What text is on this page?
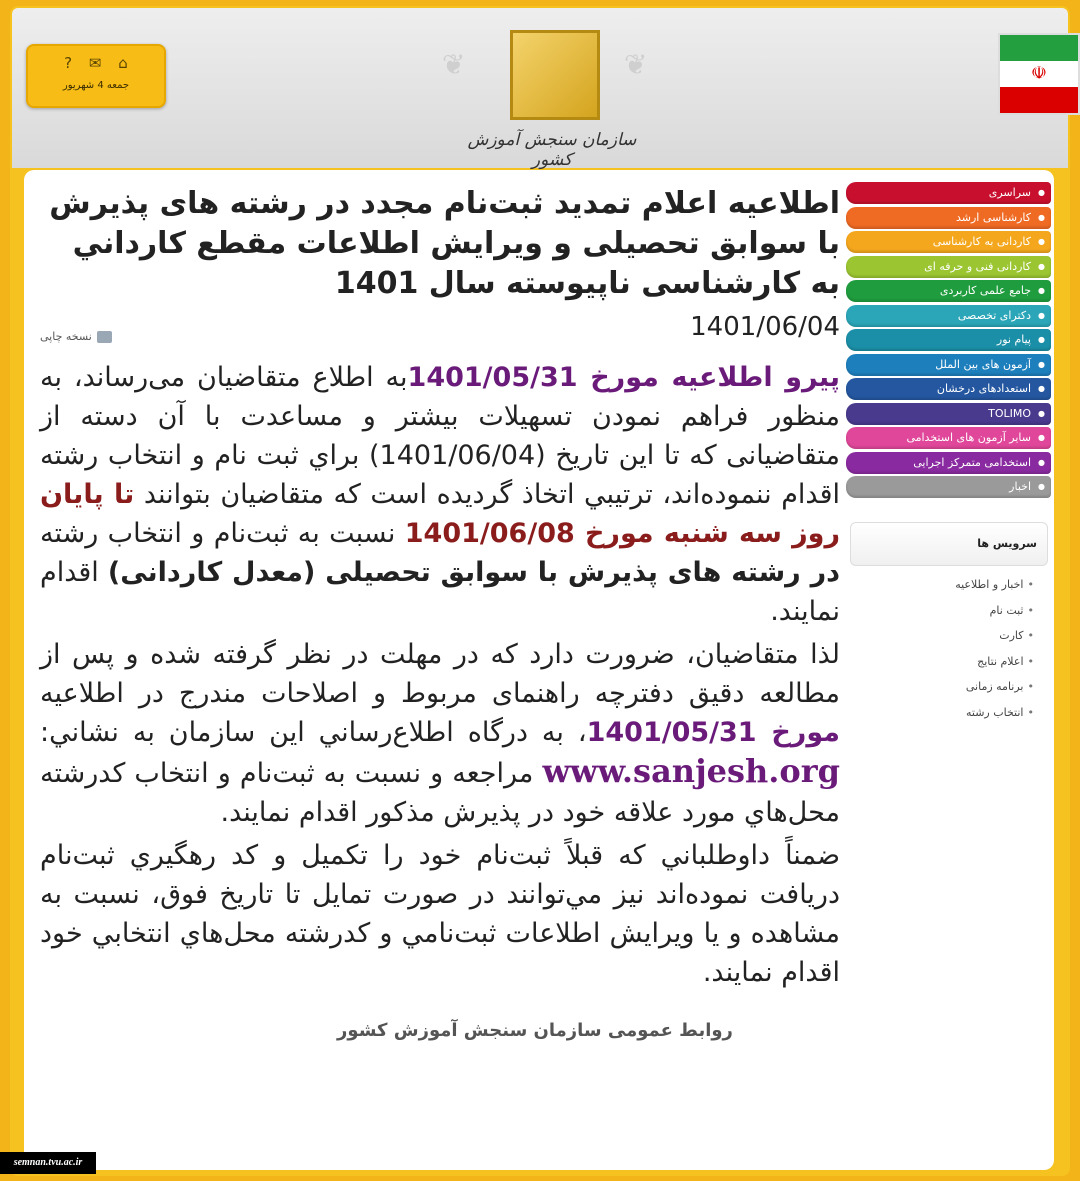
? ✉ ⌂
جمعه 4 شهریور
❦	❦
سازمان سنجش آموزش کشور
☫
اطلاعیه اعلام تمدید ثبت‌نام مجدد در رشته های پذیرش با سوابق تحصیلی و ویرایش اطلاعات مقطع كارداني به كارشناسی ناپیوسته سال 1401
1401/06/04
نسخه چاپی

پیرو اطلاعیه مورخ 1401/05/31به اطلاع متقاضیان می‌رساند، به منظور فراهم نمودن تسهیلات بیشتر و مساعدت با آن دسته از متقاضیانی که تا این تاریخ (1401/06/04) براي ثبت نام و انتخاب رشته اقدام ننموده‌اند، ترتیبي اتخاذ گردیده است که متقاضیان بتوانند تا پایان روز سه شنبه مورخ 1401/06/08 نسبت به ثبت‌نام و انتخاب رشته در رشته های پذیرش با سوابق تحصیلی (معدل کاردانی) اقدام نمایند.

لذا متقاضیان، ضرورت دارد که در مهلت در نظر گرفته شده و پس از مطالعه دقیق دفترچه راهنمای مربوط و اصلاحات مندرج در اطلاعیه مورخ 1401/05/31، به درگاه اطلاع‌رساني اين سازمان به نشاني: www.sanjesh.org مراجعه و نسبت به ثبت‌نام و انتخاب کدرشته محل‌هاي مورد علاقه خود در پذیرش مذکور اقدام نمایند.

ضمناً داوطلباني كه قبلاً ثبت‌نام خود را تكميل و كد رهگيري ثبت‌نام دريافت نموده‌اند نيز مي‌توانند در صورت تمايل تا تاريخ فوق، نسبت به مشاهده و يا ويرايش اطلاعات ثبت‌نامي و كدرشته محل‌هاي انتخابي خود اقدام نمايند.

روابط عمومی سازمان سنجش آموزش کشور
● سراسری
● کارشناسی ارشد
● کاردانی به کارشناسی
● کاردانی فنی و حرفه ای
● جامع علمی کاربردی
● دکترای تخصصی
● پیام نور
● آزمون های بین الملل
● استعدادهای درخشان
● TOLIMO
● سایر آزمون های استخدامی
● استخدامی متمرکز اجرایی
● اخبار
سرویس ها
• اخبار و اطلاعیه
• ثبت نام
• کارت
• اعلام نتایج
• برنامه زمانی
• انتخاب رشته
semnan.tvu.ac.ir
